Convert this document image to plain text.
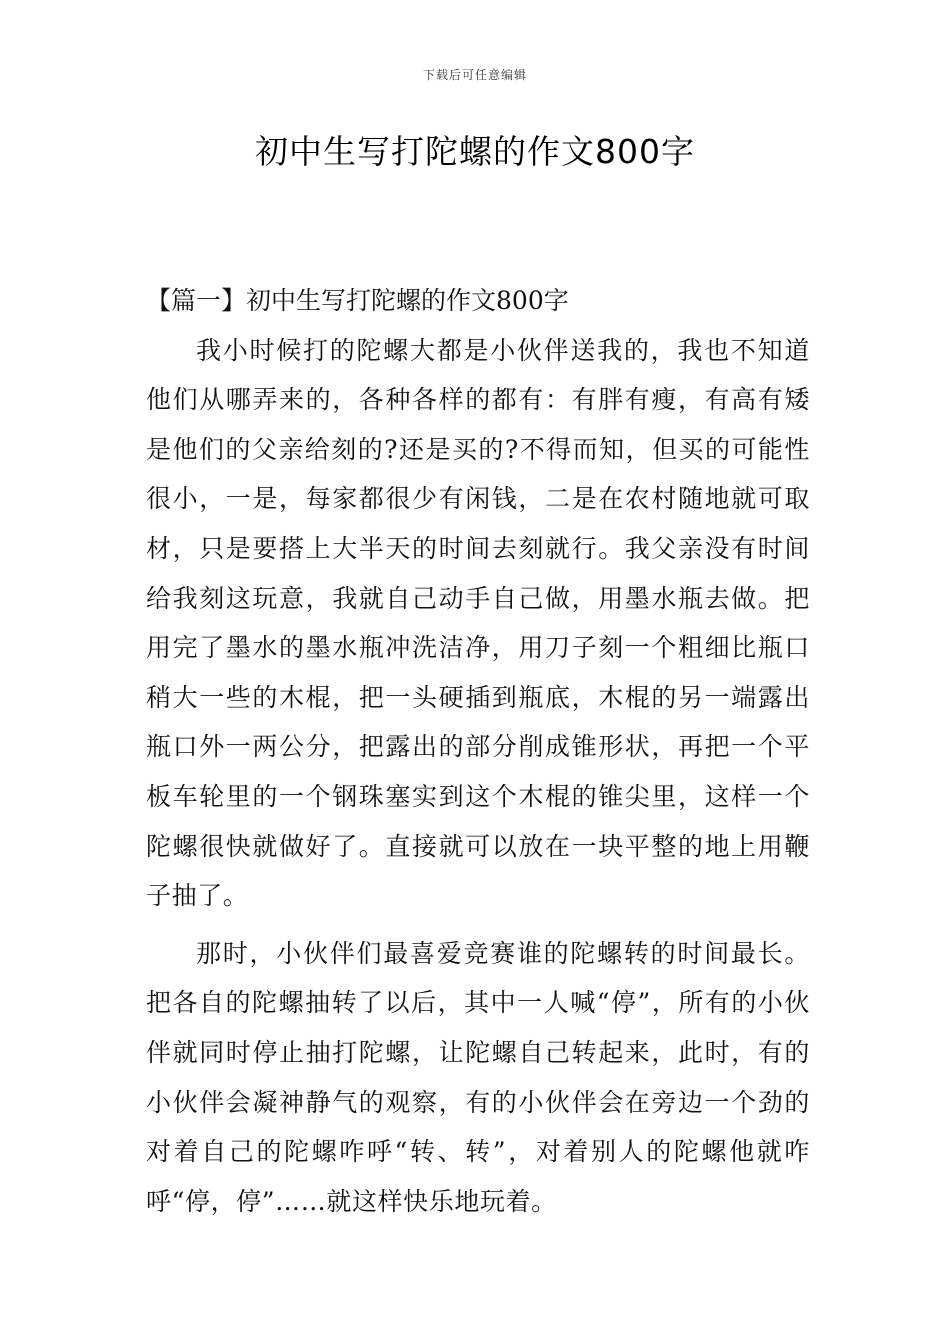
下载后可任意编辑
初中生写打陀螺的作文800字

【篇一】初中生写打陀螺的作文800字

我小时候打的陀螺大都是小伙伴送我的，我也不知道他们从哪弄来的，各种各样的都有：有胖有瘦，有高有矮是他们的父亲给刻的?还是买的?不得而知，但买的可能性很小，一是，每家都很少有闲钱，二是在农村随地就可取材，只是要搭上大半天的时间去刻就行。我父亲没有时间给我刻这玩意，我就自己动手自己做，用墨水瓶去做。把用完了墨水的墨水瓶冲洗洁净，用刀子刻一个粗细比瓶口稍大一些的木棍，把一头硬插到瓶底，木棍的另一端露出瓶口外一两公分，把露出的部分削成锥形状，再把一个平板车轮里的一个钢珠塞实到这个木棍的锥尖里，这样一个陀螺很快就做好了。直接就可以放在一块平整的地上用鞭子抽了。

那时，小伙伴们最喜爱竞赛谁的陀螺转的时间最长。把各自的陀螺抽转了以后，其中一人喊“停”，所有的小伙伴就同时停止抽打陀螺，让陀螺自己转起来，此时，有的小伙伴会凝神静气的观察，有的小伙伴会在旁边一个劲的对着自己的陀螺咋呼“转、转”，对着别人的陀螺他就咋呼“停，停”……就这样快乐地玩着。
